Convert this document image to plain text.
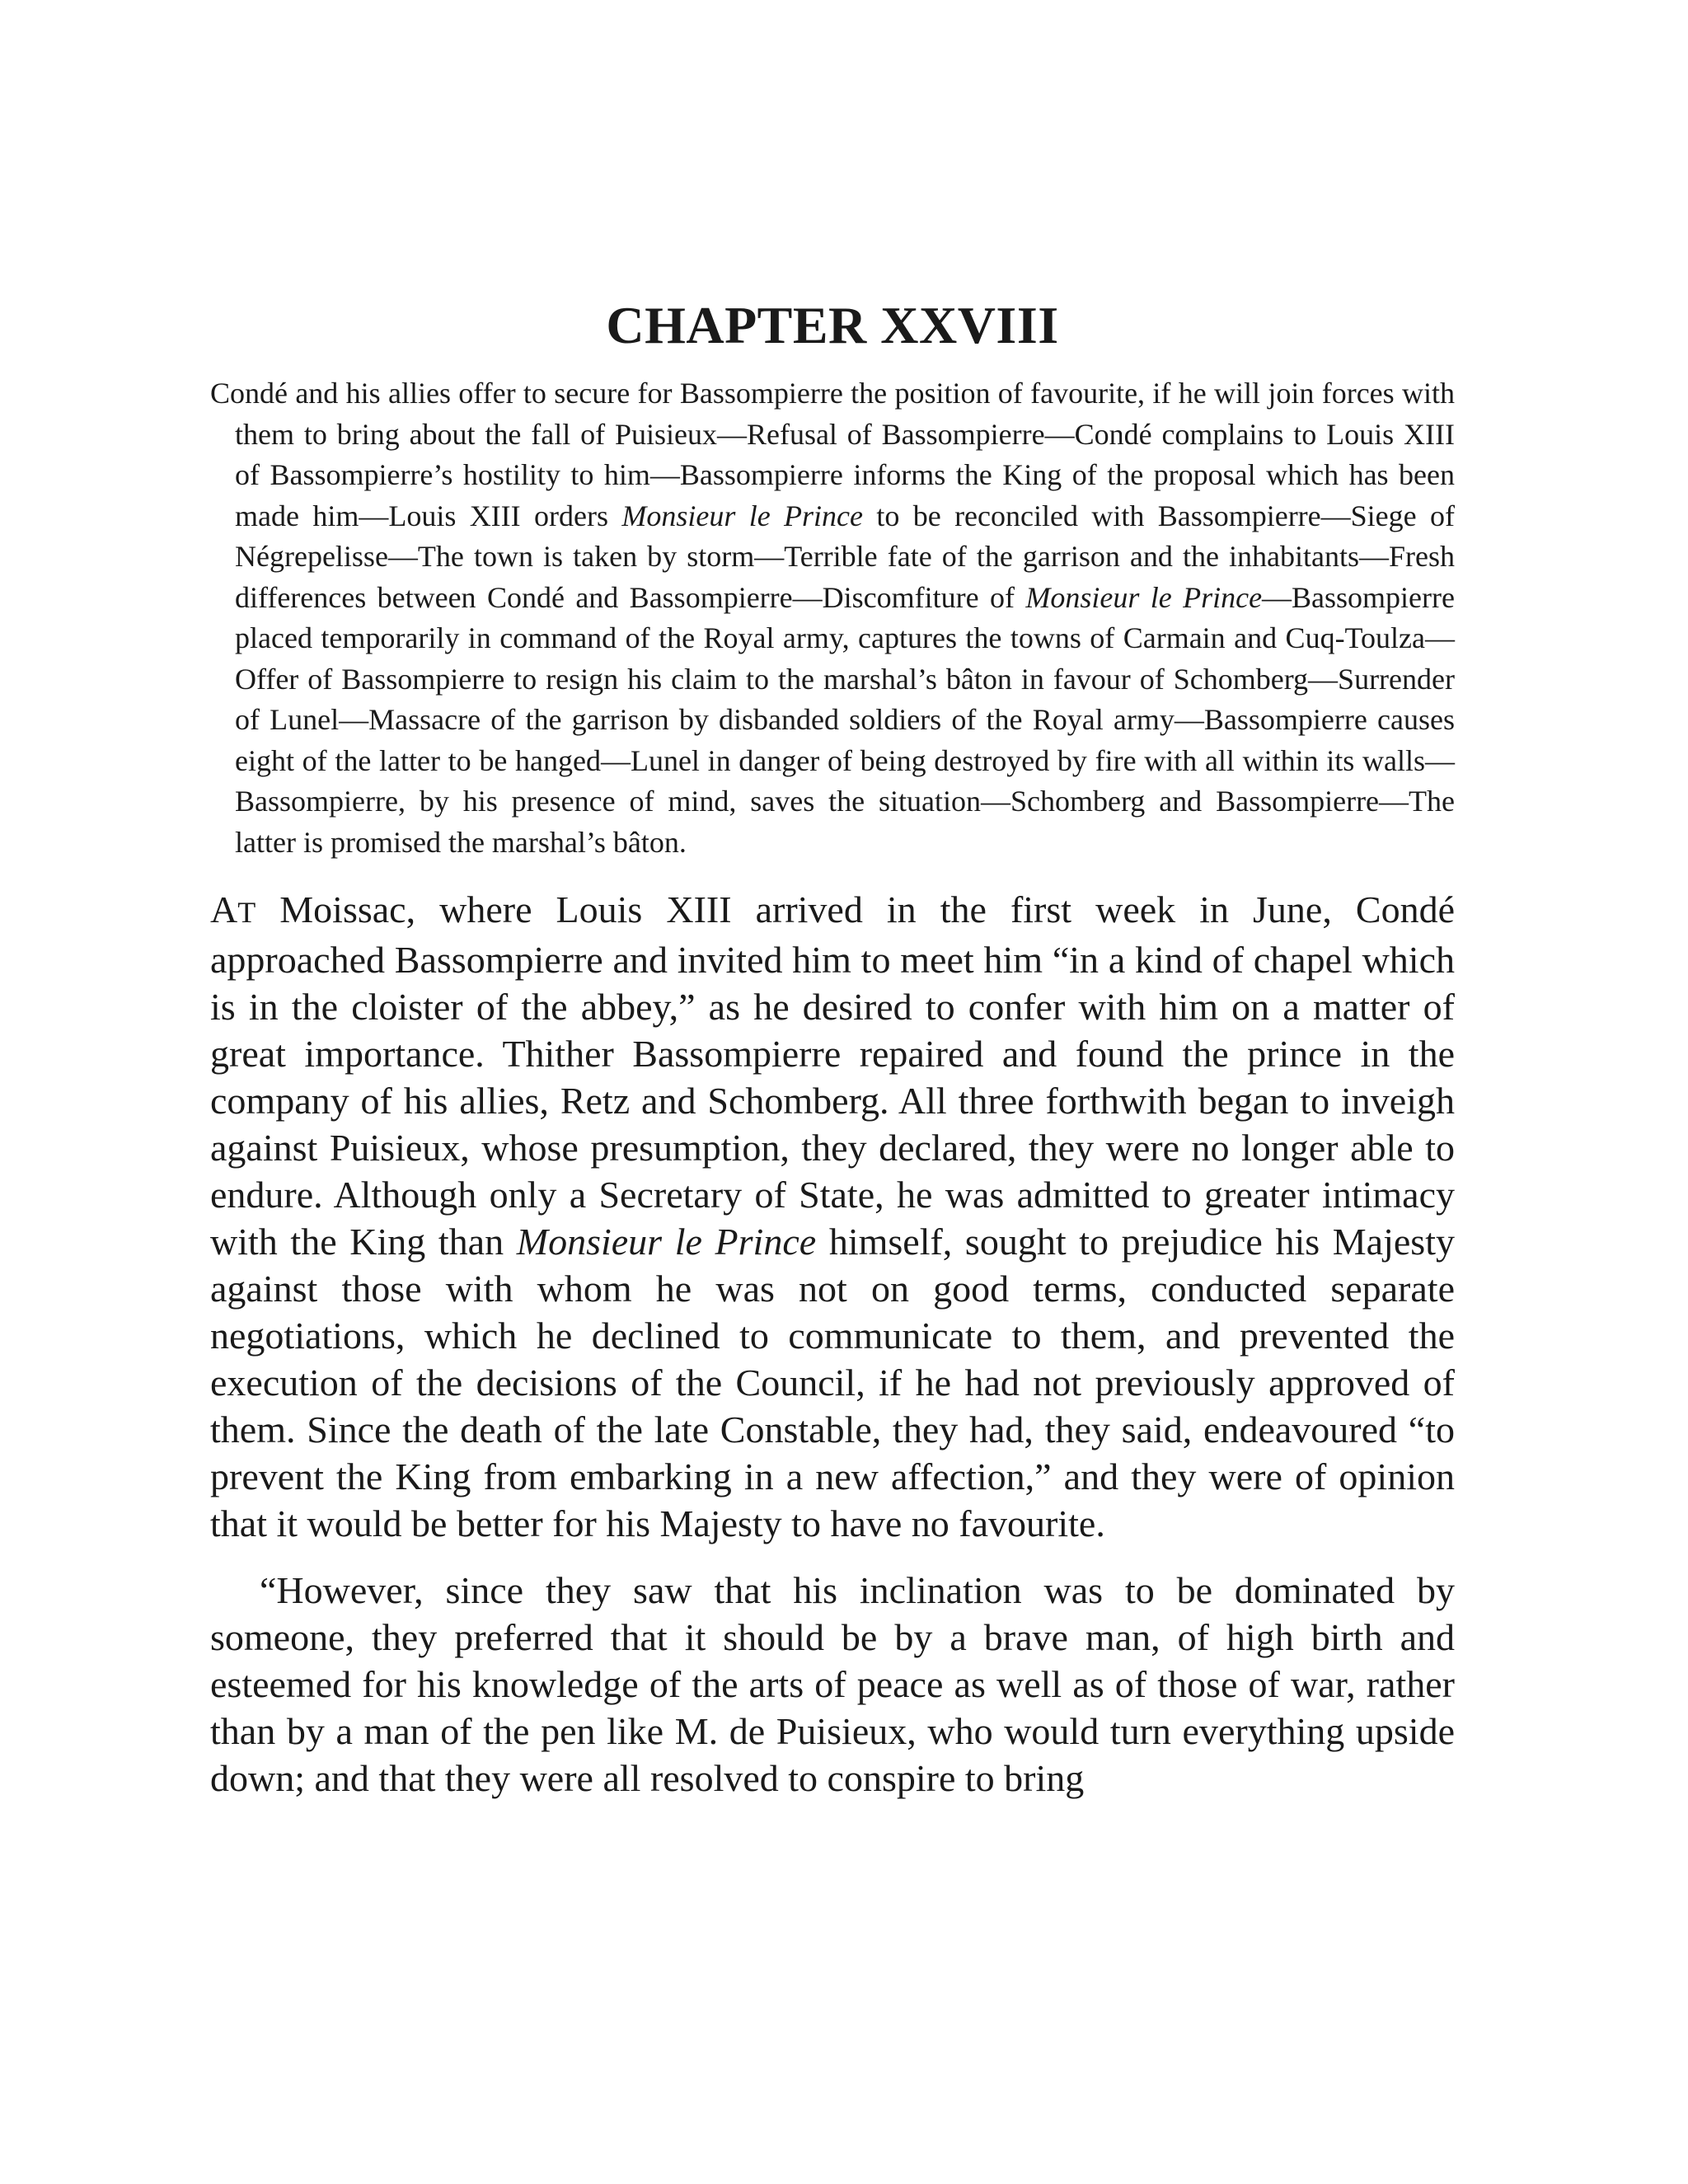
CHAPTER XXVIII

Condé and his allies offer to secure for Bassompierre the position of favourite, if he will join forces with them to bring about the fall of Puisieux—Refusal of Bassompierre—Condé complains to Louis XIII of Bassompierre’s hostility to him—Bassompierre informs the King of the proposal which has been made him—Louis XIII orders Monsieur le Prince to be reconciled with Bassompierre—Siege of Négrepelisse—The town is taken by storm—Terrible fate of the garrison and the inhabitants—Fresh differences between Condé and Bassompierre—Discomfiture of Monsieur le Prince—Bassompierre placed temporarily in command of the Royal army, captures the towns of Carmain and Cuq-Toulza—Offer of Bassompierre to resign his claim to the marshal’s bâton in favour of Schomberg—Surrender of Lunel—Massacre of the garrison by disbanded soldiers of the Royal army—Bassompierre causes eight of the latter to be hanged—Lunel in danger of being destroyed by fire with all within its walls—Bassompierre, by his presence of mind, saves the situation—Schomberg and Bassompierre—The latter is promised the marshal’s bâton.

AT Moissac, where Louis XIII arrived in the first week in June, Condé approached Bassompierre and invited him to meet him “in a kind of chapel which is in the cloister of the abbey,” as he desired to confer with him on a matter of great importance. Thither Bassompierre repaired and found the prince in the company of his allies, Retz and Schomberg. All three forthwith began to inveigh against Puisieux, whose presumption, they declared, they were no longer able to endure. Although only a Secretary of State, he was admitted to greater intimacy with the King than Monsieur le Prince himself, sought to prejudice his Majesty against those with whom he was not on good terms, conducted separate negotiations, which he declined to communicate to them, and prevented the execution of the decisions of the Council, if he had not previously approved of them. Since the death of the late Constable, they had, they said, endeavoured “to prevent the King from embarking in a new affection,” and they were of opinion that it would be better for his Majesty to have no favourite.

“However, since they saw that his inclination was to be dominated by someone, they preferred that it should be by a brave man, of high birth and esteemed for his knowledge of the arts of peace as well as of those of war, rather than by a man of the pen like M. de Puisieux, who would turn everything upside down; and that they were all resolved to conspire to bring
